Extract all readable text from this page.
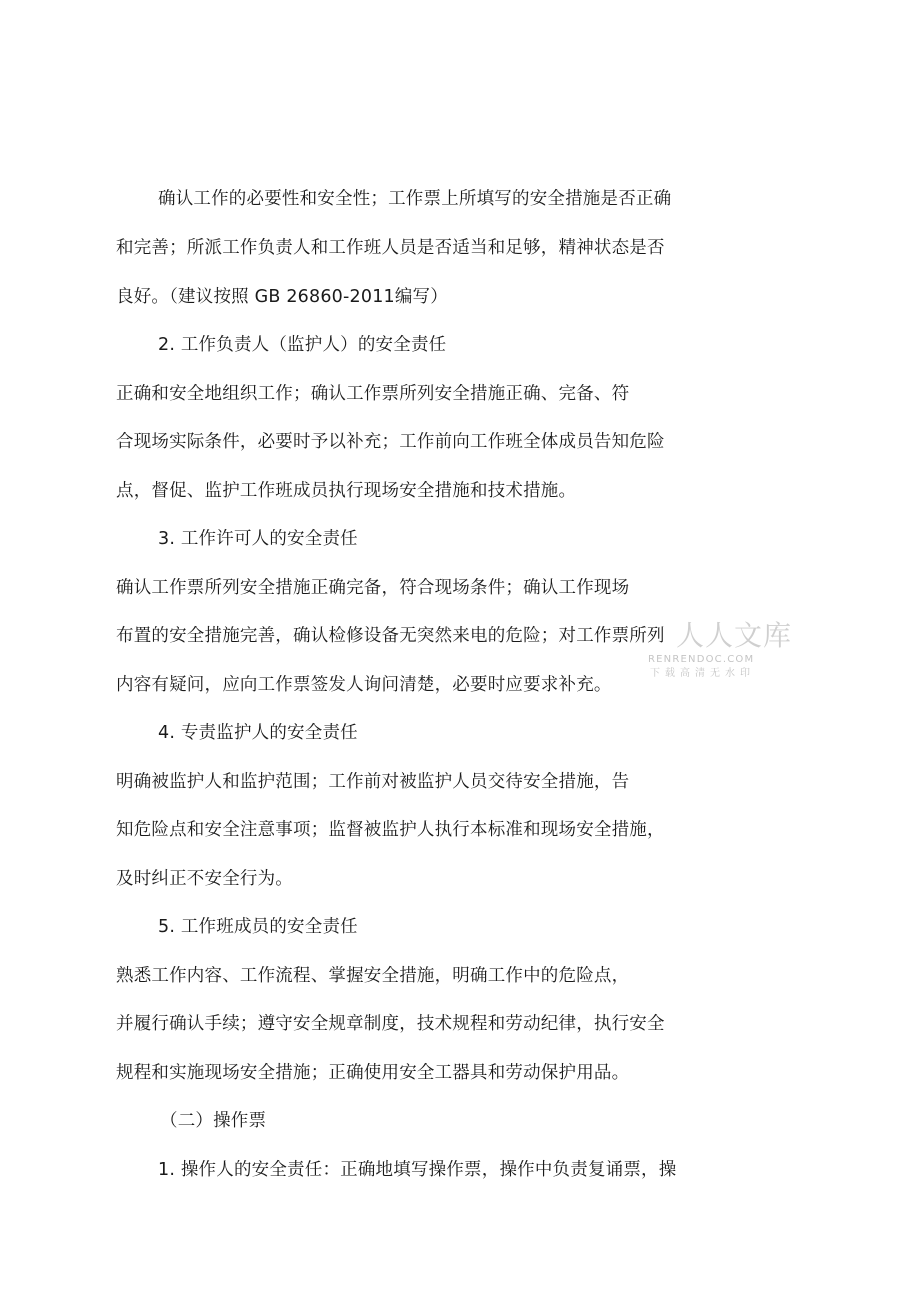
确认工作的必要性和安全性；工作票上所填写的安全措施是否正确
和完善；所派工作负责人和工作班人员是否适当和足够，精神状态是否
良好。（建议按照 GB 26860-2011编写）
2. 工作负责人（监护人）的安全责任
正确和安全地组织工作；确认工作票所列安全措施正确、完备、符
合现场实际条件，必要时予以补充；工作前向工作班全体成员告知危险
点，督促、监护工作班成员执行现场安全措施和技术措施。
3. 工作许可人的安全责任
确认工作票所列安全措施正确完备，符合现场条件；确认工作现场
布置的安全措施完善，确认检修设备无突然来电的危险；对工作票所列
内容有疑问，应向工作票签发人询问清楚，必要时应要求补充。
4. 专责监护人的安全责任
明确被监护人和监护范围；工作前对被监护人员交待安全措施，告
知危险点和安全注意事项；监督被监护人执行本标准和现场安全措施，
及时纠正不安全行为。
5. 工作班成员的安全责任
熟悉工作内容、工作流程、掌握安全措施，明确工作中的危险点，
并履行确认手续；遵守安全规章制度，技术规程和劳动纪律，执行安全
规程和实施现场安全措施；正确使用安全工器具和劳动保护用品。
（二）操作票
1. 操作人的安全责任：正确地填写操作票，操作中负责复诵票，操
人人文库
RENRENDOC.COM
下载高清无水印
